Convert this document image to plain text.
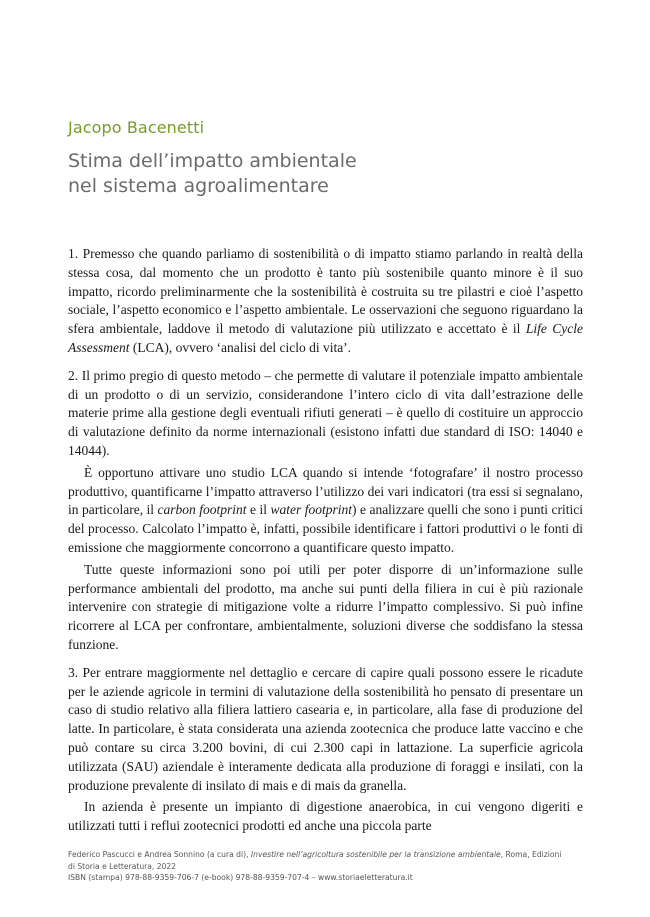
Jacopo Bacenetti
Stima dell’impatto ambientale
nel sistema agroalimentare

1. Premesso che quando parliamo di sostenibilità o di impatto stiamo parlando in realtà della stessa cosa, dal momento che un prodotto è tanto più sostenibile quanto minore è il suo impatto, ricordo preliminarmente che la sostenibilità è costruita su tre pilastri e cioè l’aspetto sociale, l’aspetto economico e l’aspetto ambientale. Le osservazioni che seguono riguardano la sfera ambientale, laddove il metodo di valutazione più utilizzato e accettato è il Life Cycle Assessment (LCA), ovvero ‘analisi del ciclo di vita’.

2. Il primo pregio di questo metodo – che permette di valutare il potenziale impatto ambientale di un prodotto o di un servizio, considerandone l’intero ciclo di vita dall’estrazione delle materie prime alla gestione degli eventuali rifiuti generati – è quello di costituire un approccio di valutazione definito da norme internazionali (esistono infatti due standard di ISO: 14040 e 14044).

È opportuno attivare uno studio LCA quando si intende ‘fotografare’ il nostro processo produttivo, quantificarne l’impatto attraverso l’utilizzo dei vari indicatori (tra essi si segnalano, in particolare, il carbon footprint e il water footprint) e analizzare quelli che sono i punti critici del processo. Calcolato l’impatto è, infatti, possibile identificare i fattori produttivi o le fonti di emissione che maggiormente concorrono a quantificare questo impatto.

Tutte queste informazioni sono poi utili per poter disporre di un’informazione sulle performance ambientali del prodotto, ma anche sui punti della filiera in cui è più razionale intervenire con strategie di mitigazione volte a ridurre l’impatto complessivo. Si può infine ricorrere al LCA per confrontare, ambientalmente, soluzioni diverse che soddisfano la stessa funzione.

3. Per entrare maggiormente nel dettaglio e cercare di capire quali possono essere le ricadute per le aziende agricole in termini di valutazione della sostenibilità ho pensato di presentare un caso di studio relativo alla filiera lattiero casearia e, in particolare, alla fase di produzione del latte. In particolare, è stata considerata una azienda zootecnica che produce latte vaccino e che può contare su circa 3.200 bovini, di cui 2.300 capi in lattazione. La superficie agricola utilizzata (SAU) aziendale è interamente dedicata alla produzione di foraggi e insilati, con la produzione prevalente di insilato di mais e di mais da granella.

In azienda è presente un impianto di digestione anaerobica, in cui vengono digeriti e utilizzati tutti i reflui zootecnici prodotti ed anche una piccola parte

Federico Pascucci e Andrea Sonnino (a cura di), Investire nell’agricoltura sostenibile per la transizione ambientale, Roma, Edizioni
di Storia e Letteratura, 2022
ISBN (stampa) 978-88-9359-706-7 (e-book) 978-88-9359-707-4 – www.storiaeletteratura.it
